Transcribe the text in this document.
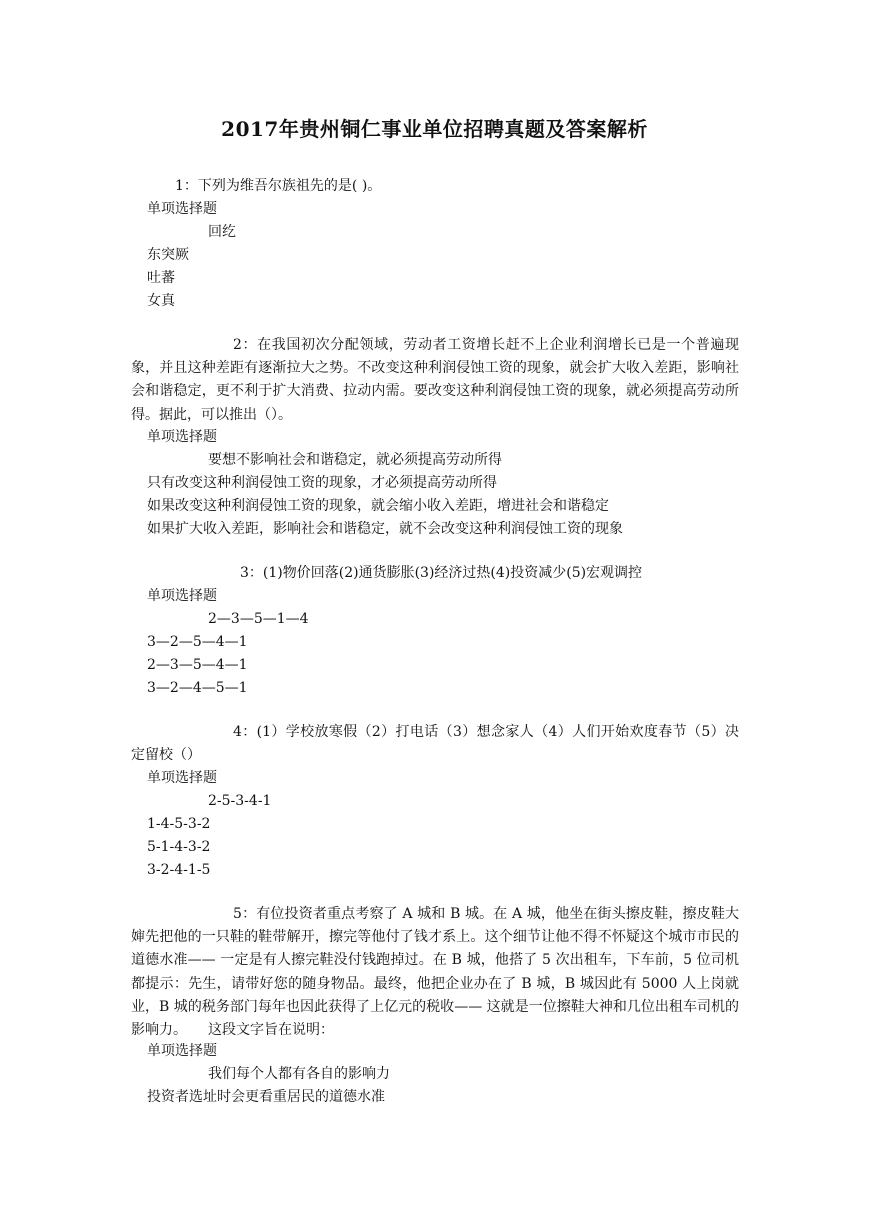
2017年贵州铜仁事业单位招聘真题及答案解析
1：下列为维吾尔族祖先的是( )。
单项选择题
回纥
东突厥
吐蕃
女真
2：在我国初次分配领域，劳动者工资增长赶不上企业利润增长已是一个普遍现象，并且这种差距有逐渐拉大之势。不改变这种利润侵蚀工资的现象，就会扩大收入差距，影响社会和谐稳定，更不利于扩大消费、拉动内需。要改变这种利润侵蚀工资的现象，就必须提高劳动所得。据此，可以推出（）。
单项选择题
要想不影响社会和谐稳定，就必须提高劳动所得
只有改变这种利润侵蚀工资的现象，才必须提高劳动所得
如果改变这种利润侵蚀工资的现象，就会缩小收入差距，增进社会和谐稳定
如果扩大收入差距，影响社会和谐稳定，就不会改变这种利润侵蚀工资的现象
3：(1)物价回落(2)通货膨胀(3)经济过热(4)投资减少(5)宏观调控
单项选择题
2—3—5—1—4
3—2—5—4—1
2—3—5—4—1
3—2—4—5—1
4：(1）学校放寒假（2）打电话（3）想念家人（4）人们开始欢度春节（5）决定留校（）
单项选择题
2-5-3-4-1
1-4-5-3-2
5-1-4-3-2
3-2-4-1-5
5：有位投资者重点考察了 A 城和 B 城。在 A 城，他坐在街头擦皮鞋，擦皮鞋大婶先把他的一只鞋的鞋带解开，擦完等他付了钱才系上。这个细节让他不得不怀疑这个城市市民的道德水准—— 一定是有人擦完鞋没付钱跑掉过。在 B 城，他搭了 5 次出租车，下车前，5 位司机都提示：先生，请带好您的随身物品。最终，他把企业办在了 B 城，B 城因此有 5000 人上岗就业，B 城的税务部门每年也因此获得了上亿元的税收—— 这就是一位擦鞋大神和几位出租车司机的影响力。　　这段文字旨在说明：
单项选择题
我们每个人都有各自的影响力
投资者选址时会更看重居民的道德水准
